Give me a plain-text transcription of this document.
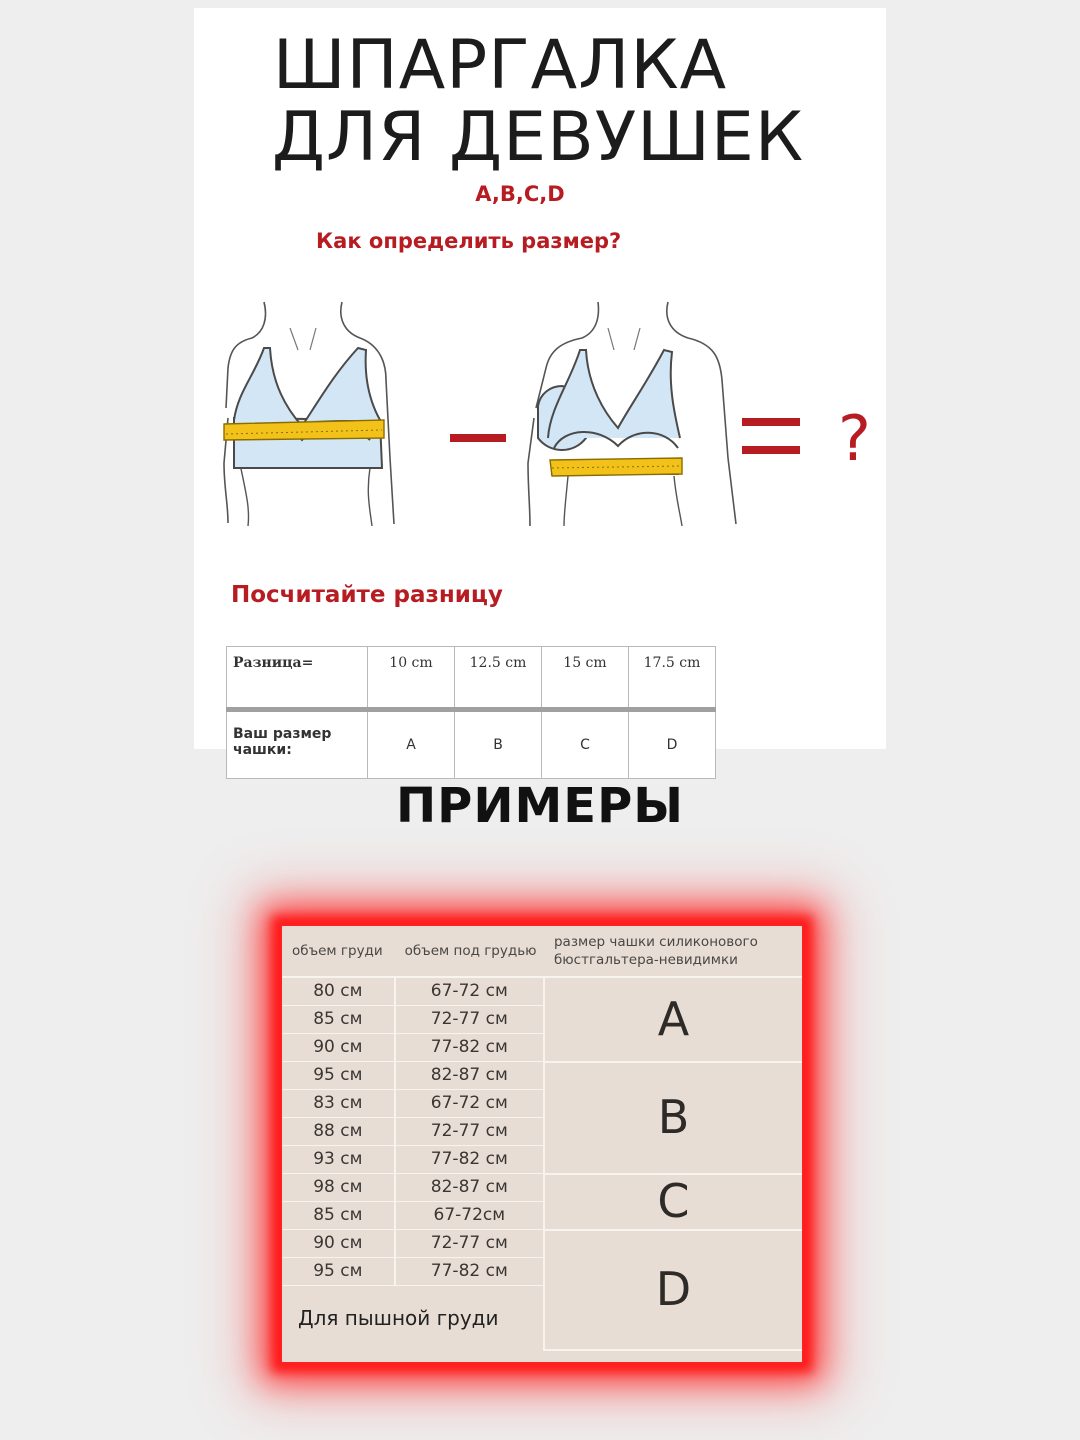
ШПАРГАЛКА
ДЛЯ ДЕВУШЕК
A,B,C,D
Как определить размер?
?
Посчитайте разницу
Разница=	10 cm	12.5 cm	15 cm	17.5 cm
Ваш размер чашки:	A	B	C	D
ПРИМЕРЫ
объем груди	объем под грудью	размер чашки силиконового бюстгальтера-невидимки
80 см	67-72 см	A
85 см	72-77 см	
90 см	77-82 см	
95 см	82-87 см	B
83 см	67-72 см	
88 см	72-77 см	
93 см	77-82 см	
98 см	82-87 см	C
85 см	67-72см	
90 см	72-77 см	D
95 см	77-82 см	
Для пышной груди		
